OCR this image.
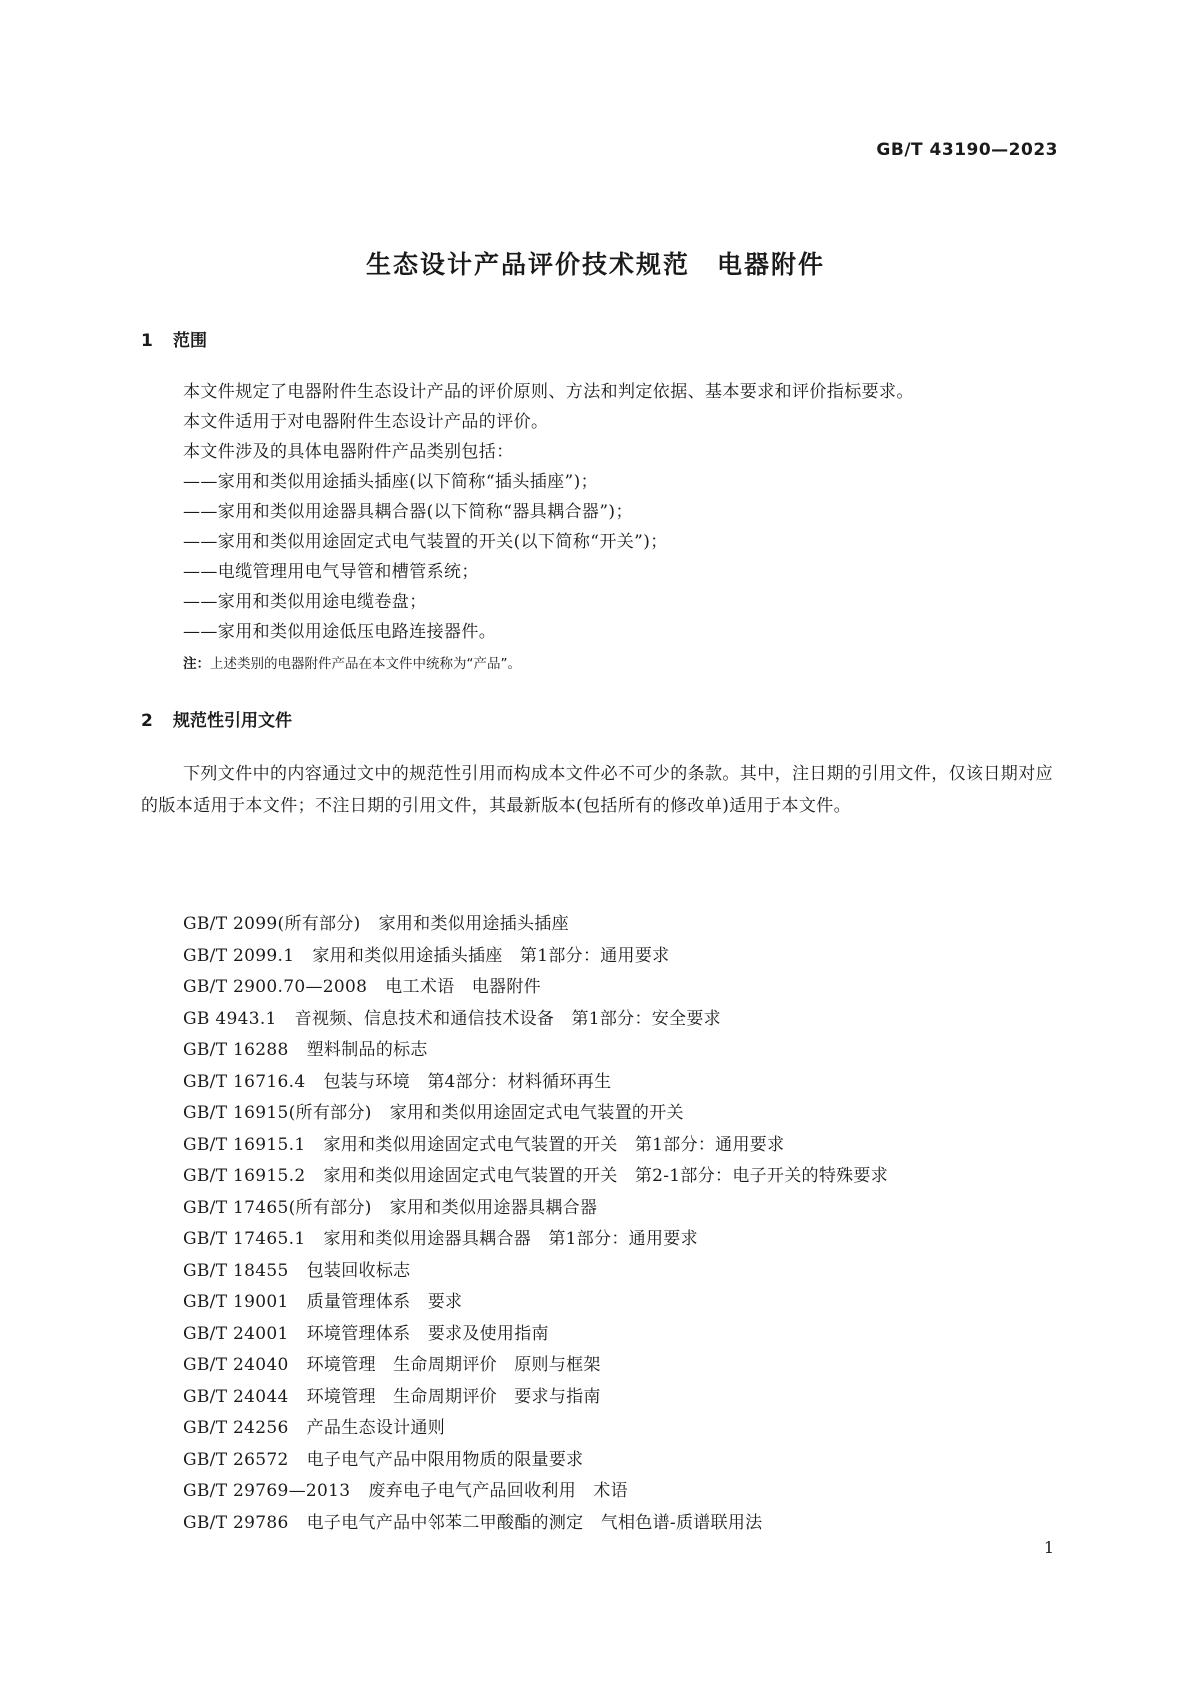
GB/T 43190—2023
生态设计产品评价技术规范　电器附件
1 范围
本文件规定了电器附件生态设计产品的评价原则、方法和判定依据、基本要求和评价指标要求。
本文件适用于对电器附件生态设计产品的评价。
本文件涉及的具体电器附件产品类别包括：
——家用和类似用途插头插座(以下简称“插头插座”)；
——家用和类似用途器具耦合器(以下简称“器具耦合器”)；
——家用和类似用途固定式电气装置的开关(以下简称“开关”)；
——电缆管理用电气导管和槽管系统；
——家用和类似用途电缆卷盘；
——家用和类似用途低压电路连接器件。
注：上述类别的电器附件产品在本文件中统称为“产品”。
2 规范性引用文件
下列文件中的内容通过文中的规范性引用而构成本文件必不可少的条款。其中，注日期的引用文件，仅该日期对应的版本适用于本文件；不注日期的引用文件，其最新版本(包括所有的修改单)适用于本文件。
GB/T 2099(所有部分) 家用和类似用途插头插座
GB/T 2099.1 家用和类似用途插头插座　第1部分：通用要求
GB/T 2900.70—2008 电工术语　电器附件
GB 4943.1 音视频、信息技术和通信技术设备　第1部分：安全要求
GB/T 16288 塑料制品的标志
GB/T 16716.4 包装与环境　第4部分：材料循环再生
GB/T 16915(所有部分) 家用和类似用途固定式电气装置的开关
GB/T 16915.1 家用和类似用途固定式电气装置的开关　第1部分：通用要求
GB/T 16915.2 家用和类似用途固定式电气装置的开关　第2-1部分：电子开关的特殊要求
GB/T 17465(所有部分) 家用和类似用途器具耦合器
GB/T 17465.1 家用和类似用途器具耦合器　第1部分：通用要求
GB/T 18455 包装回收标志
GB/T 19001 质量管理体系　要求
GB/T 24001 环境管理体系　要求及使用指南
GB/T 24040 环境管理　生命周期评价　原则与框架
GB/T 24044 环境管理　生命周期评价　要求与指南
GB/T 24256 产品生态设计通则
GB/T 26572 电子电气产品中限用物质的限量要求
GB/T 29769—2013 废弃电子电气产品回收利用　术语
GB/T 29786 电子电气产品中邻苯二甲酸酯的测定　气相色谱-质谱联用法
1
